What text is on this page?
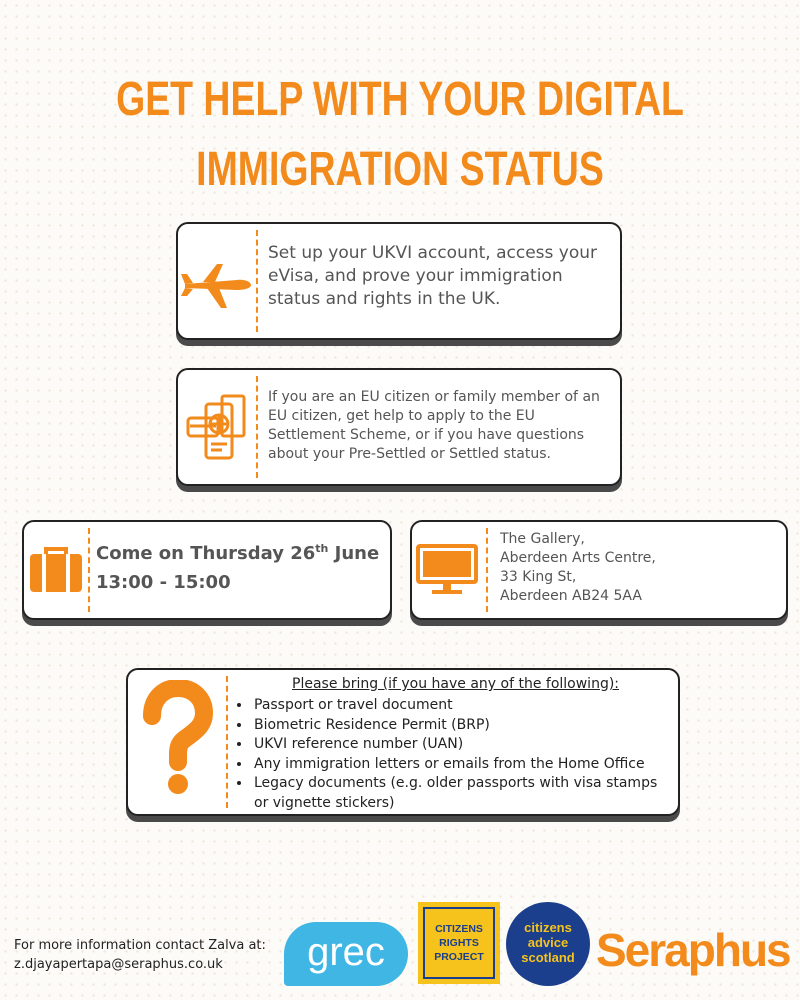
GET HELP WITH YOUR DIGITAL
IMMIGRATION STATUS
Set up your UKVI account, access your eVisa, and prove your immigration status and rights in the UK.
If you are an EU citizen or family member of an EU citizen, get help to apply to the EU Settlement Scheme, or if you have questions about your Pre-Settled or Settled status.
Come on Thursday 26th June
13:00 - 15:00
The Gallery,
Aberdeen Arts Centre,
33 King St,
Aberdeen AB24 5AA
Please bring (if you have any of the following):
• Passport or travel document
• Biometric Residence Permit (BRP)
• UKVI reference number (UAN)
• Any immigration letters or emails from the Home Office
• Legacy documents (e.g. older passports with visa stamps or vignette stickers)
For more information contact Zalva at:
z.djayapertapa@seraphus.co.uk	grec
CITIZENS
RIGHTS
PROJECT
citizens
advice
scotland Seraphus
